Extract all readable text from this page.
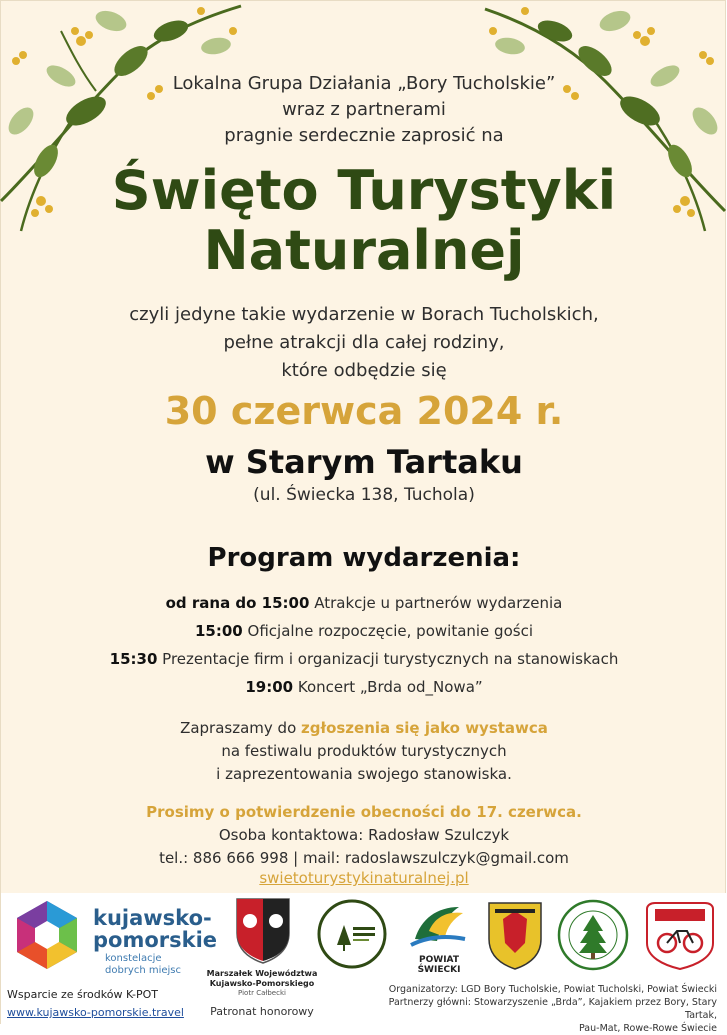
Lokalna Grupa Działania „Bory Tucholskie”
wraz z partnerami
pragnie serdecznie zaprosić na
Święto Turystyki
Naturalnej
czyli jedyne takie wydarzenie w Borach Tucholskich,
pełne atrakcji dla całej rodziny,
które odbędzie się
30 czerwca 2024 r.
w Starym Tartaku
(ul. Świecka 138, Tuchola)
Program wydarzenia:
od rana do 15:00 Atrakcje u partnerów wydarzenia
15:00 Oficjalne rozpoczęcie, powitanie gości
15:30 Prezentacje firm i organizacji turystycznych na stanowiskach
19:00 Koncert „Brda od_Nowa”
Zapraszamy do zgłoszenia się jako wystawca
na festiwalu produktów turystycznych
i zaprezentowania swojego stanowiska.
Prosimy o potwierdzenie obecności do 17. czerwca.
Osoba kontaktowa: Radosław Szulczyk
tel.: 886 666 998 | mail: radoslawszulczyk@gmail.com
swietoturystykinaturalnej.pl
kujawsko-
pomorskie
konstelacje
dobrych miejsc
Wsparcie ze środków K-POT
www.kujawsko-pomorskie.travel
Marszałek Województwa
Kujawsko-Pomorskiego
Piotr Całbecki
Patronat honorowy
POWIAT ŚWIECKI
Organizatorzy: LGD Bory Tucholskie, Powiat Tucholski, Powiat Świecki
Partnerzy główni: Stowarzyszenie „Brda”, Kajakiem przez Bory, Stary Tartak,
Pau-Mat, Rowe-Rowe Świecie
